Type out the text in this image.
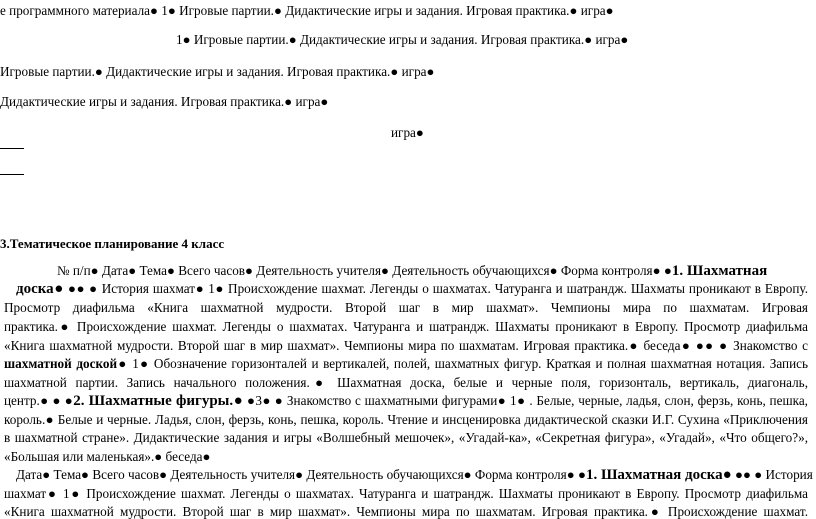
е программного материала● 1● Игровые партии.● Дидактические игры и задания. Игровая практика.● игра●
1● Игровые партии.● Дидактические игры и задания. Игровая практика.● игра●
Игровые партии.● Дидактические игры и задания. Игровая практика.● игра●
Дидактические игры и задания. Игровая практика.● игра●
игра●
3.Тематическое планирование 4 класс
№ п/п● Дата● Тема● Всего часов● Деятельность учителя● Деятельность обучающихся● Форма контроля● ●1. Шахматная
доска● ●● ● История шахмат● 1● Происхождение шахмат. Легенды о шахматах. Чатуранга и шатрандж. Шахматы проникают в Европу.
Просмотр диафильма «Книга шахматной мудрости. Второй шаг в мир шахмат». Чемпионы мира по шахматам. Игровая
практика.● Происхождение шахмат. Легенды о шахматах. Чатуранга и шатрандж. Шахматы проникают в Европу. Просмотр диафильма
«Книга шахматной мудрости. Второй шаг в мир шахмат». Чемпионы мира по шахматам. Игровая практика.● беседа● ●● ● Знакомство с
шахматной доской● 1● Обозначение горизонталей и вертикалей, полей, шахматных фигур. Краткая и полная шахматная нотация. Запись
шахматной партии. Запись начального положения.● Шахматная доска, белые и черные поля, горизонталь, вертикаль, диагональ,
центр.● ● ●2. Шахматные фигуры.● ●3● ● Знакомство с шахматными фигурами● 1● . Белые, черные, ладья, слон, ферзь, конь, пешка,
король.● Белые и черные. Ладья, слон, ферзь, конь, пешка, король. Чтение и инсценировка дидактической сказки И.Г. Сухина «Приключения
в шахматной стране». Дидактические задания и игры «Волшебный мешочек», «Угадай-ка», «Секретная фигура», «Угадай», «Что общего?»,
«Большая или маленькая».● беседа●
Дата● Тема● Всего часов● Деятельность учителя● Деятельность обучающихся● Форма контроля● ●1. Шахматная доска● ●● ● История
шахмат● 1● Происхождение шахмат. Легенды о шахматах. Чатуранга и шатрандж. Шахматы проникают в Европу. Просмотр диафильма
«Книга шахматной мудрости. Второй шаг в мир шахмат». Чемпионы мира по шахматам. Игровая практика.● Происхождение шахмат.
